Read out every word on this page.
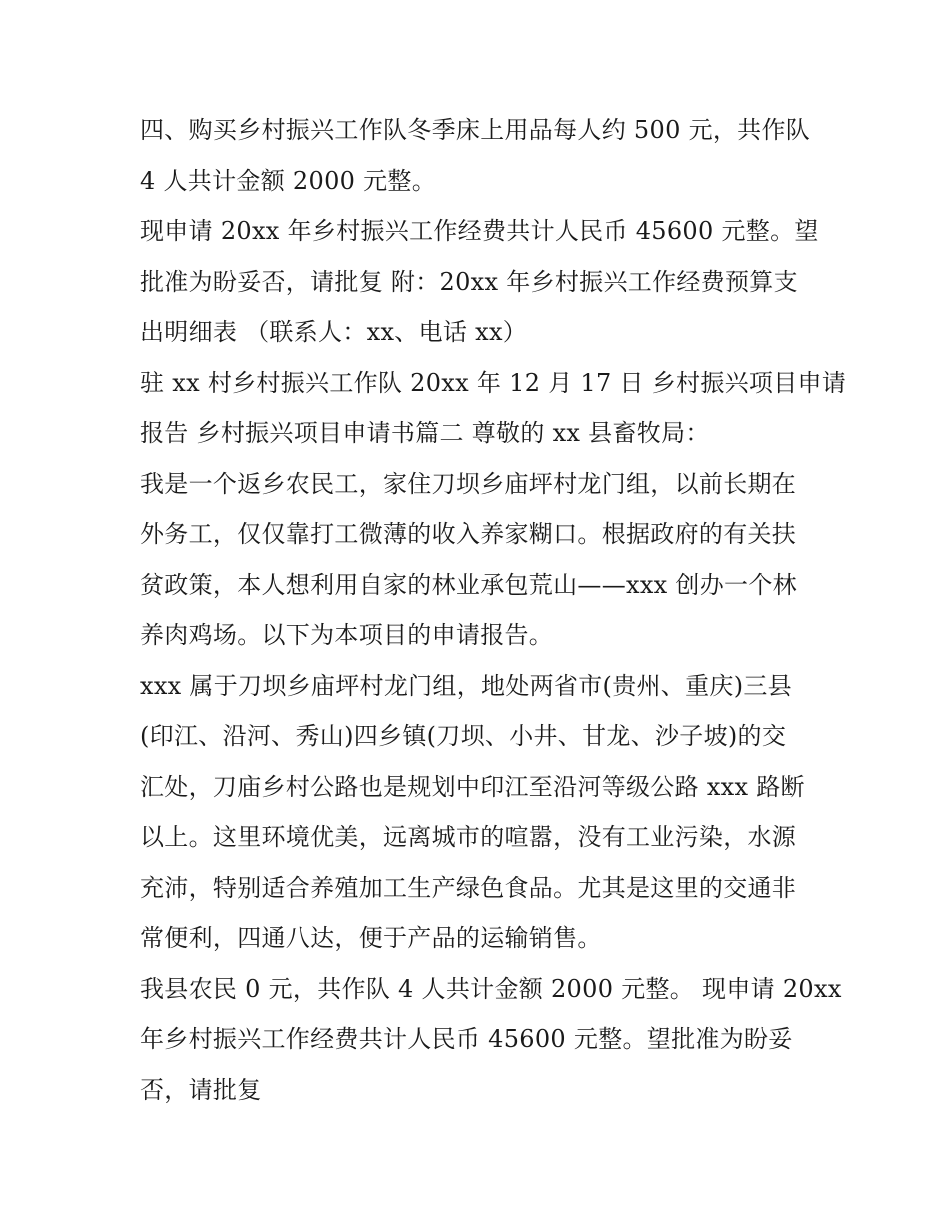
四、购买乡村振兴工作队冬季床上用品每人约 500 元，共作队
4 人共计金额 2000 元整。

现申请 20xx 年乡村振兴工作经费共计人民币 45600 元整。望
批准为盼妥否，请批复 附：20xx 年乡村振兴工作经费预算支
出明细表 （联系人：xx、电话 xx）

驻 xx 村乡村振兴工作队 20xx 年 12 月 17 日 乡村振兴项目申请
报告 乡村振兴项目申请书篇二 尊敬的 xx 县畜牧局：

我是一个返乡农民工，家住刀坝乡庙坪村龙门组，以前长期在
外务工，仅仅靠打工微薄的收入养家糊口。根据政府的有关扶
贫政策，本人想利用自家的林业承包荒山——xxx 创办一个林
养肉鸡场。以下为本项目的申请报告。

xxx 属于刀坝乡庙坪村龙门组，地处两省市(贵州、重庆)三县
(印江、沿河、秀山)四乡镇(刀坝、小井、甘龙、沙子坡)的交
汇处，刀庙乡村公路也是规划中印江至沿河等级公路 xxx 路断
以上。这里环境优美，远离城市的喧嚣，没有工业污染，水源
充沛，特别适合养殖加工生产绿色食品。尤其是这里的交通非
常便利，四通八达，便于产品的运输销售。

我县农民 0 元，共作队 4 人共计金额 2000 元整。 现申请 20xx
年乡村振兴工作经费共计人民币 45600 元整。望批准为盼妥
否，请批复
